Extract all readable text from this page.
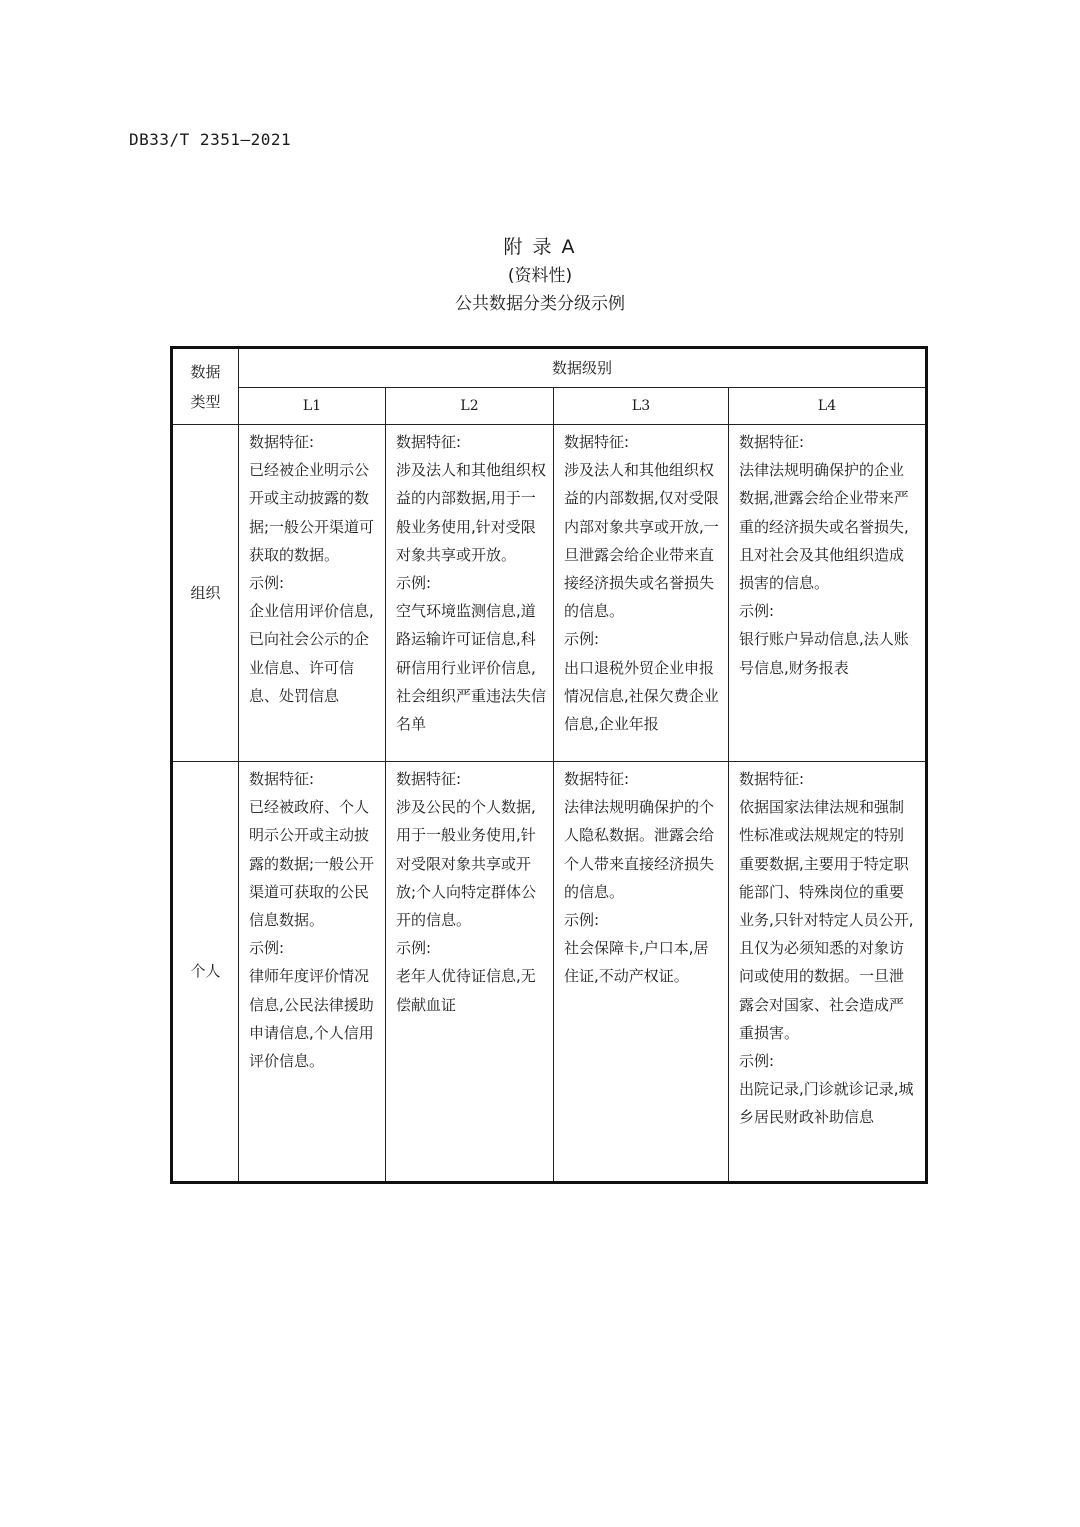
DB33/T 2351—2021
附 录 A
(资料性)
公共数据分类分级示例
数据
类型	数据级别			
	L1	L2	L3	L4
组织	数据特征:
已经被企业明示公开或主动披露的数据;一般公开渠道可获取的数据。
示例:
企业信用评价信息,已向社会公示的企业信息、许可信息、处罚信息	数据特征:
涉及法人和其他组织权益的内部数据,用于一般业务使用,针对受限对象共享或开放。
示例:
空气环境监测信息,道路运输许可证信息,科研信用行业评价信息,社会组织严重违法失信名单	数据特征:
涉及法人和其他组织权益的内部数据,仅对受限内部对象共享或开放,一旦泄露会给企业带来直接经济损失或名誉损失的信息。
示例:
出口退税外贸企业申报情况信息,社保欠费企业信息,企业年报	数据特征:
法律法规明确保护的企业数据,泄露会给企业带来严重的经济损失或名誉损失,且对社会及其他组织造成损害的信息。
示例:
银行账户异动信息,法人账号信息,财务报表

个人	数据特征:
已经被政府、个人明示公开或主动披露的数据;一般公开渠道可获取的公民信息数据。
示例:
律师年度评价情况信息,公民法律援助申请信息,个人信用评价信息。	数据特征:
涉及公民的个人数据,用于一般业务使用,针对受限对象共享或开放;个人向特定群体公开的信息。
示例:
老年人优待证信息,无偿献血证	数据特征:
法律法规明确保护的个人隐私数据。泄露会给个人带来直接经济损失的信息。
示例:
社会保障卡,户口本,居住证,不动产权证。	数据特征:
依据国家法律法规和强制性标准或法规规定的特别重要数据,主要用于特定职能部门、特殊岗位的重要业务,只针对特定人员公开,且仅为必须知悉的对象访问或使用的数据。一旦泄露会对国家、社会造成严重损害。
示例:
出院记录,门诊就诊记录,城乡居民财政补助信息
